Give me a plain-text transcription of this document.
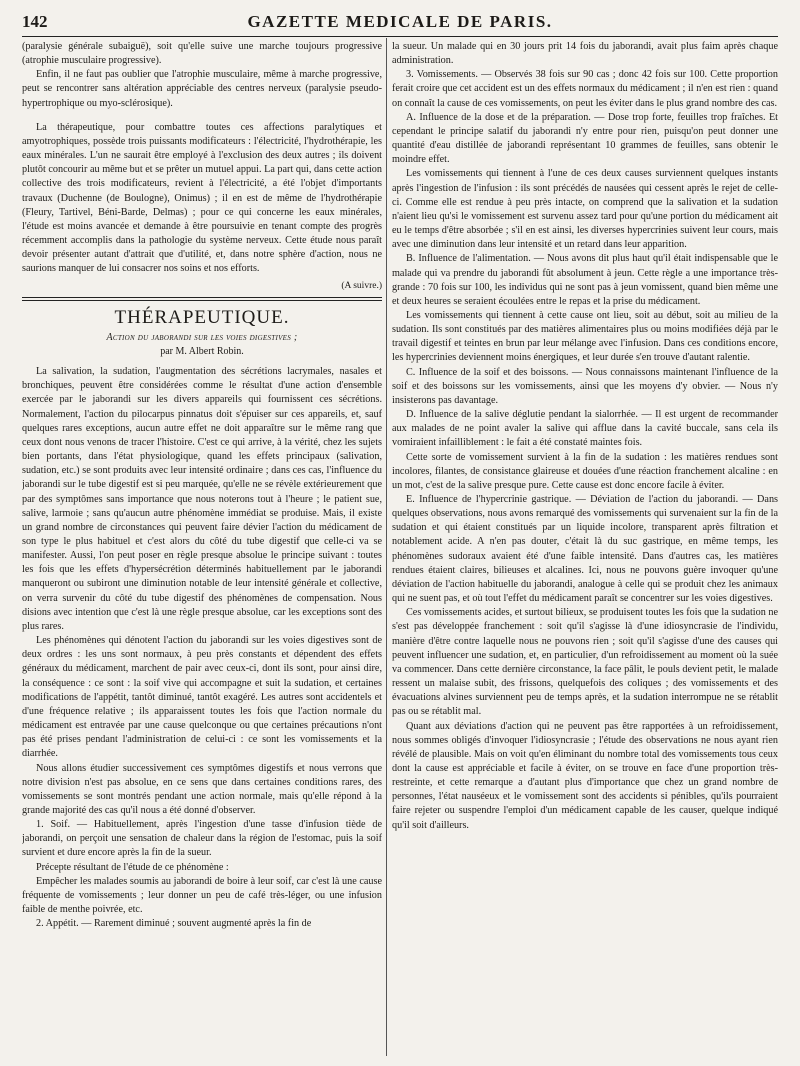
142	GAZETTE MEDICALE DE PARIS.

(paralysie générale subaiguë), soit qu'elle suive une marche toujours progressive (atrophie musculaire progressive).

Enfin, il ne faut pas oublier que l'atrophie musculaire, même à marche progressive, peut se rencontrer sans altération appréciable des centres nerveux (paralysie pseudo-hypertrophique ou myo-sclérosique).

La thérapeutique, pour combattre toutes ces affections paralytiques et amyotrophiques, possède trois puissants modificateurs : l'électricité, l'hydrothérapie, les eaux minérales. L'un ne saurait être employé à l'exclusion des deux autres ; ils doivent plutôt concourir au même but et se prêter un mutuel appui. La part qui, dans cette action collective des trois modificateurs, revient à l'électricité, a été l'objet d'importants travaux (Duchenne (de Boulogne), Onimus) ; il en est de même de l'hydrothérapie (Fleury, Tartivel, Béni-Barde, Delmas) ; pour ce qui concerne les eaux minérales, l'étude est moins avancée et demande à être poursuivie en tenant compte des progrès récemment accomplis dans la pathologie du système nerveux. Cette étude nous paraît devoir présenter autant d'attrait que d'utilité, et, dans notre sphère d'action, nous ne saurions manquer de lui consacrer nos soins et nos efforts.

(A suivre.)
THÉRAPEUTIQUE.

Action du jaborandi sur les voies digestives ;

par M. Albert Robin.

La salivation, la sudation, l'augmentation des sécrétions lacrymales, nasales et bronchiques, peuvent être considérées comme le résultat d'une action d'ensemble exercée par le jaborandi sur les divers appareils qui fournissent ces sécrétions. Normalement, l'action du pilocarpus pinnatus doit s'épuiser sur ces appareils, et, sauf quelques rares exceptions, aucun autre effet ne doit apparaître sur le même rang que ceux dont nous venons de tracer l'histoire. C'est ce qui arrive, à la vérité, chez les sujets bien portants, dans l'état physiologique, quand les effets principaux (salivation, sudation, etc.) se sont produits avec leur intensité ordinaire ; dans ces cas, l'influence du jaborandi sur le tube digestif est si peu marquée, qu'elle ne se révèle extérieurement que par des symptômes sans importance que nous noterons tout à l'heure ; le patient sue, salive, larmoie ; sans qu'aucun autre phénomène immédiat se produise. Mais, il existe un grand nombre de circonstances qui peuvent faire dévier l'action du médicament de son type le plus habituel et c'est alors du côté du tube digestif que celle-ci va se manifester. Aussi, l'on peut poser en règle presque absolue le principe suivant : toutes les fois que les effets d'hypersécrétion déterminés habituellement par le jaborandi manqueront ou subiront une diminution notable de leur intensité générale et collective, on verra survenir du côté du tube digestif des phénomènes de compensation. Nous disions avec intention que c'est là une règle presque absolue, car les exceptions sont des plus rares.

Les phénomènes qui dénotent l'action du jaborandi sur les voies digestives sont de deux ordres : les uns sont normaux, à peu près constants et dépendent des effets généraux du médicament, marchent de pair avec ceux-ci, dont ils sont, pour ainsi dire, la conséquence : ce sont : la soif vive qui accompagne et suit la sudation, et certaines modifications de l'appétit, tantôt diminué, tantôt exagéré. Les autres sont accidentels et d'une fréquence relative ; ils apparaissent toutes les fois que l'action normale du médicament est entravée par une cause quelconque ou que certaines précautions n'ont pas été prises pendant l'administration de celui-ci : ce sont les vomissements et la diarrhée.

Nous allons étudier successivement ces symptômes digestifs et nous verrons que notre division n'est pas absolue, en ce sens que dans certaines conditions rares, des vomissements se sont montrés pendant une action normale, mais qu'elle répond à la grande majorité des cas qu'il nous a été donné d'observer.

1. Soif. — Habituellement, après l'ingestion d'une tasse d'infusion tiède de jaborandi, on perçoit une sensation de chaleur dans la région de l'estomac, puis la soif survient et dure encore après la fin de la sueur.

Précepte résultant de l'étude de ce phénomène :

Empêcher les malades soumis au jaborandi de boire à leur soif, car c'est là une cause fréquente de vomissements ; leur donner un peu de café très-léger, ou une infusion faible de menthe poivrée, etc.

2. Appétit. — Rarement diminué ; souvent augmenté après la fin de

la sueur. Un malade qui en 30 jours prit 14 fois du jaborandi, avait plus faim après chaque administration.

3. Vomissements. — Observés 38 fois sur 90 cas ; donc 42 fois sur 100. Cette proportion ferait croire que cet accident est un des effets normaux du médicament ; il n'en est rien : quand on connaît la cause de ces vomissements, on peut les éviter dans le plus grand nombre des cas.

A. Influence de la dose et de la préparation. — Dose trop forte, feuilles trop fraîches. Et cependant le principe salatif du jaborandi n'y entre pour rien, puisqu'on peut donner une quantité d'eau distillée de jaborandi représentant 10 grammes de feuilles, sans obtenir le moindre effet.

Les vomissements qui tiennent à l'une de ces deux causes surviennent quelques instants après l'ingestion de l'infusion : ils sont précédés de nausées qui cessent après le rejet de celle-ci. Comme elle est rendue à peu près intacte, on comprend que la salivation et la sudation n'aient lieu qu'si le vomissement est survenu assez tard pour qu'une portion du médicament ait eu le temps d'être absorbée ; s'il en est ainsi, les diverses hypercrinies suivent leur cours, mais avec une diminution dans leur intensité et un retard dans leur apparition.

B. Influence de l'alimentation. — Nous avons dit plus haut qu'il était indispensable que le malade qui va prendre du jaborandi fût absolument à jeun. Cette règle a une importance très-grande : 70 fois sur 100, les individus qui ne sont pas à jeun vomissent, quand bien même une et deux heures se seraient écoulées entre le repas et la prise du médicament.

Les vomissements qui tiennent à cette cause ont lieu, soit au début, soit au milieu de la sudation. Ils sont constitués par des matières alimentaires plus ou moins modifiées déjà par le travail digestif et teintes en brun par leur mélange avec l'infusion. Dans ces conditions encore, les hypercrinies deviennent moins énergiques, et leur durée s'en trouve d'autant ralentie.

C. Influence de la soif et des boissons. — Nous connaissons maintenant l'influence de la soif et des boissons sur les vomissements, ainsi que les moyens d'y obvier. — Nous n'y insisterons pas davantage.

D. Influence de la salive déglutie pendant la sialorrhée. — Il est urgent de recommander aux malades de ne point avaler la salive qui afflue dans la cavité buccale, sans cela ils vomiraient infailliblement : le fait a été constaté maintes fois.

Cette sorte de vomissement survient à la fin de la sudation : les matières rendues sont incolores, filantes, de consistance glaireuse et douées d'une réaction franchement alcaline : en un mot, c'est de la salive presque pure. Cette cause est donc encore facile à éviter.

E. Influence de l'hypercrinie gastrique. — Déviation de l'action du jaborandi. — Dans quelques observations, nous avons remarqué des vomissements qui survenaient sur la fin de la sudation et qui étaient constitués par un liquide incolore, transparent après filtration et notablement acide. A n'en pas douter, c'était là du suc gastrique, en même temps, les phénomènes sudoraux avaient été d'une faible intensité. Dans d'autres cas, les matières rendues étaient claires, bilieuses et alcalines. Ici, nous ne pouvons guère invoquer qu'une déviation de l'action habituelle du jaborandi, analogue à celle qui se produit chez les animaux qui ne suent pas, et où tout l'effet du médicament paraît se concentrer sur les voies digestives.

Ces vomissements acides, et surtout bilieux, se produisent toutes les fois que la sudation ne s'est pas développée franchement : soit qu'il s'agisse là d'une idiosyncrasie de l'individu, manière d'être contre laquelle nous ne pouvons rien ; soit qu'il s'agisse d'une des causes qui peuvent influencer une sudation, et, en particulier, d'un refroidissement au moment où la suée va commencer. Dans cette dernière circonstance, la face pâlit, le pouls devient petit, le malade ressent un malaise subit, des frissons, quelquefois des coliques ; des vomissements et des évacuations alvines surviennent peu de temps après, et la sudation interrompue ne se rétablit pas ou se rétablit mal.

Quant aux déviations d'action qui ne peuvent pas être rapportées à un refroidissement, nous sommes obligés d'invoquer l'idiosyncrasie ; l'étude des observations ne nous ayant rien révélé de plausible. Mais on voit qu'en éliminant du nombre total des vomissements tous ceux dont la cause est appréciable et facile à éviter, on se trouve en face d'une proportion très-restreinte, et cette remarque a d'autant plus d'importance que chez un grand nombre de personnes, l'état nauséeux et le vomissement sont des accidents si pénibles, qu'ils pourraient faire rejeter ou suspendre l'emploi d'un médicament capable de les causer, quelque indiqué qu'il soit d'ailleurs.
